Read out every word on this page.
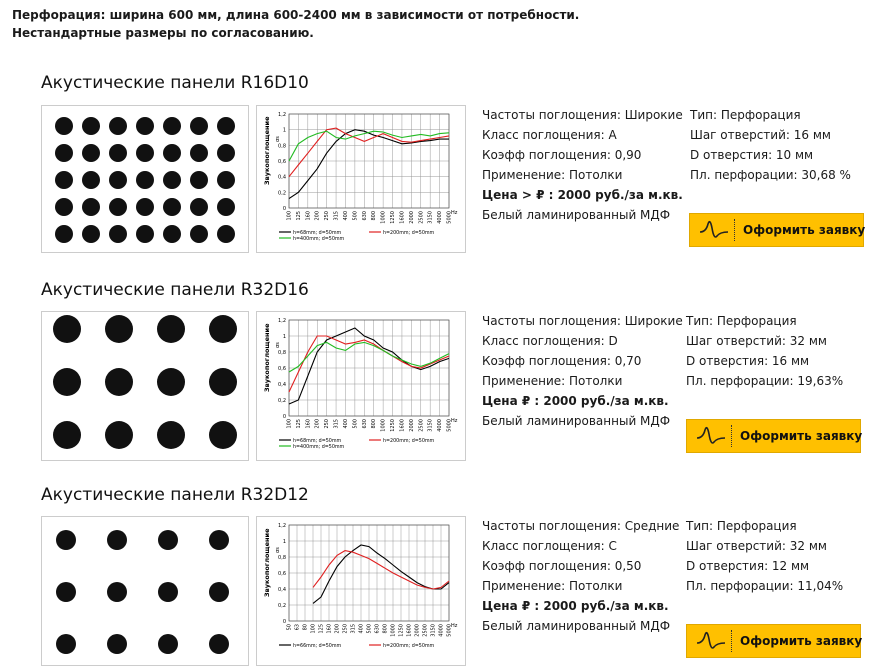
Перфорация: ширина 600 мм, длина 600-2400 мм в зависимости от потребности.
Нестандартные размеры по согласованию.
Акустические панели R16D10
1,2
1
0,8
0,6
0,4
0,2
0
100 125 160 200 250 315 400 500 630 800 1000 1250 1600 2000 2500 3150 4000 5000
Звукопоглощение αs
Hz
h=68mm; d=50mm	h=200mm; d=50mm
h=400mm; d=50mm
Частоты поглощения: Широкие
Класс поглощения: A
Коэфф поглощения: 0,90
Применение: Потолки
Цена > ₽ : 2000 руб./за м.кв.
Белый ламинированный МДФ
Тип: Перфорация
Шаг отверстий: 16 мм
D отверстия: 10 мм
Пл. перфорации: 30,68 %
Оформить заявку
Акустические панели R32D16
1,2
1
0,8
0,6
0,4
0,2
0
100 125 160 200 250 315 400 500 630 800 1000 1250 1600 2000 2500 3150 4000 5000
Звукопоглощение αs
Hz
h=68mm; d=50mm	h=200mm; d=50mm
h=400mm; d=50mm
Частоты поглощения: Широкие
Класс поглощения: D
Коэфф поглощения: 0,70
Применение: Потолки
Цена ₽ : 2000 руб./за м.кв.
Белый ламинированный МДФ
Тип: Перфорация
Шаг отверстий: 32 мм
D отверстия: 16 мм
Пл. перфорации: 19,63%
Оформить заявку
Акустические панели R32D12
1,2
1
0,8
0,6
0,4
0,2
0
50 63 80 100 125 160 200 250 315 400 500 630 800 1000 1250 1600 2000 2500 3150 4000 5000
Звукопоглощение αs
Hz
h=66mm; d=50mm	h=200mm; d=50mm
Частоты поглощения: Средние
Класс поглощения: C
Коэфф поглощения: 0,50
Применение: Потолки
Цена ₽ : 2000 руб./за м.кв.
Белый ламинированный МДФ
Тип: Перфорация
Шаг отверстий: 32 мм
D отверстия: 12 мм
Пл. перфорации: 11,04%
Оформить заявку
